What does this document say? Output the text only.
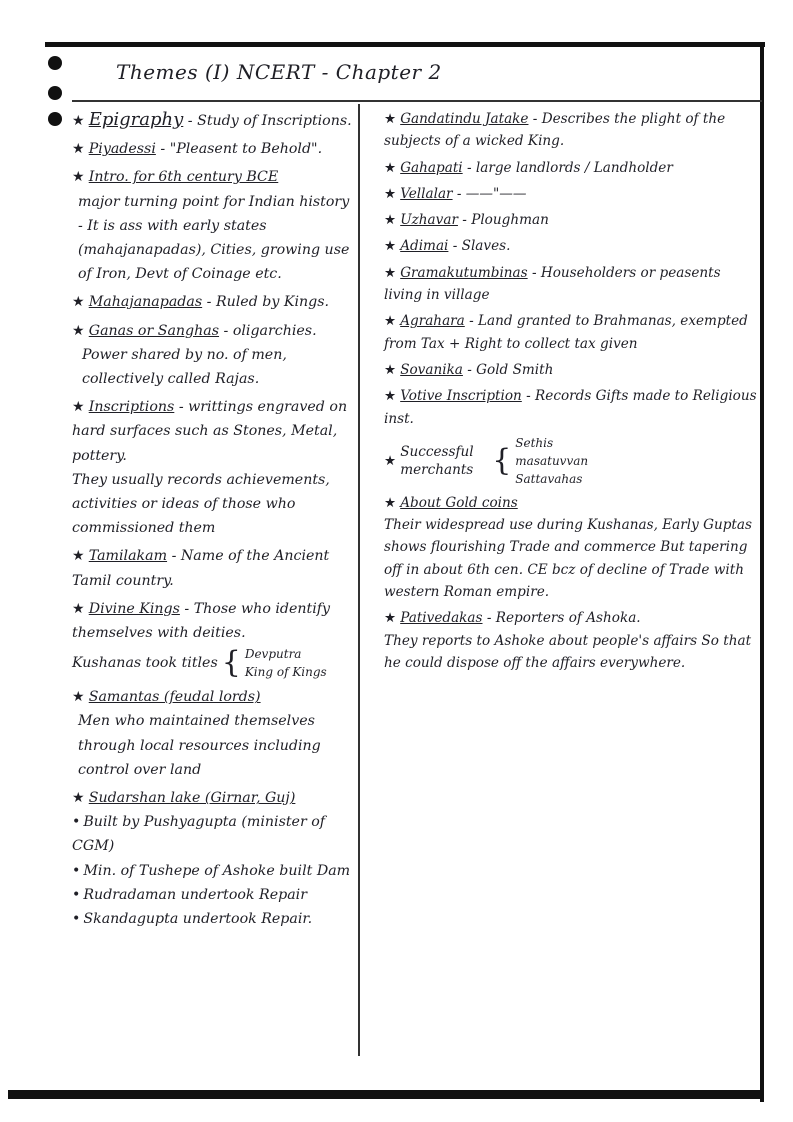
Themes (I) NCERT - Chapter 2
★ Epigraphy - Study of Inscriptions.
★ Piyadessi - "Pleasent to Behold".
★ Intro. for 6th century BCE
major turning point for Indian history - It is ass with early states (mahajanapadas), Cities, growing use of Iron, Devt of Coinage etc.
★ Mahajanapadas - Ruled by Kings.
★ Ganas or Sanghas - oligarchies.
Power shared by no. of men, collectively called Rajas.
★ Inscriptions - writtings engraved on hard surfaces such as Stones, Metal, pottery.
They usually records achievements, activities or ideas of those who commissioned them
★ Tamilakam - Name of the Ancient Tamil country.
★ Divine Kings - Those who identify themselves with deities.
Kushanas took titles { Devputra
King of Kings
★ Samantas (feudal lords)
Men who maintained themselves through local resources including control over land
★ Sudarshan lake (Girnar, Guj)
• Built by Pushyagupta (minister of CGM)
• Min. of Tushepe of Ashoke built Dam
• Rudradaman undertook Repair
• Skandagupta undertook Repair.
★ Gandatindu Jatake - Describes the plight of the subjects of a wicked King.
★ Gahapati - large landlords / Landholder
★ Vellalar - ——"——
★ Uzhavar - Ploughman
★ Adimai - Slaves.
★ Gramakutumbinas - Householders or peasents living in village
★ Agrahara - Land granted to Brahmanas, exempted from Tax + Right to collect tax given
★ Sovanika - Gold Smith
★ Votive Inscription - Records Gifts made to Religious inst.
★
Successful merchants { Sethis
masatuvvan
Sattavahas
★ About Gold coins
Their widespread use during Kushanas, Early Guptas shows flourishing Trade and commerce But tapering off in about 6th cen. CE bcz of decline of Trade with western Roman empire.
★ Pativedakas - Reporters of Ashoka.
They reports to Ashoke about people's affairs So that he could dispose off the affairs everywhere.
